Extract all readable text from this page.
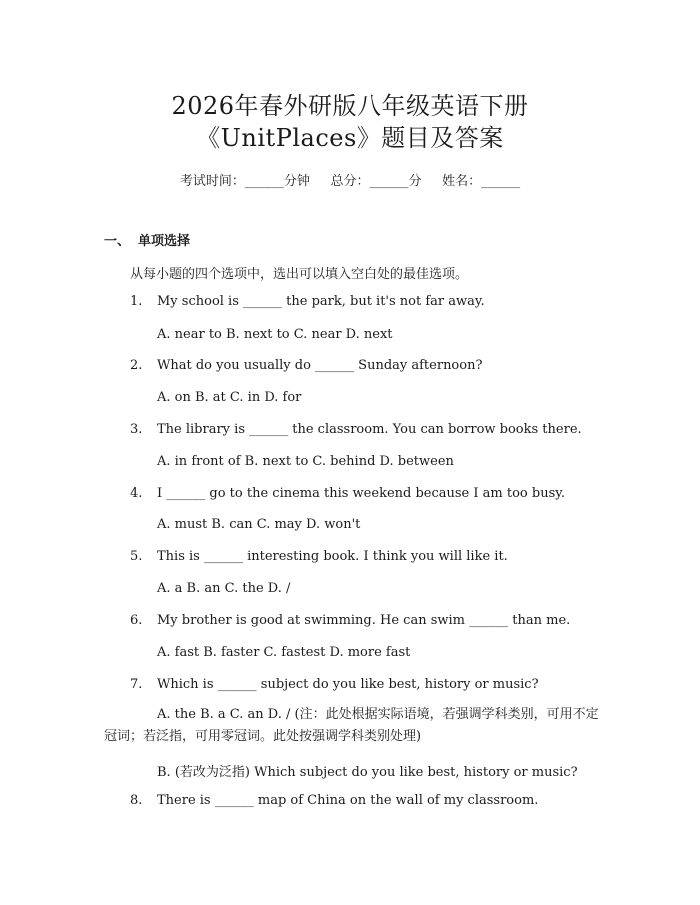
2026年春外研版八年级英语下册
《UnitPlaces》题目及答案
考试时间：______分钟     总分：______分     姓名：______
一、 单项选择
从每小题的四个选项中，选出可以填入空白处的最佳选项。
1. My school is ______ the park, but it's not far away.
A. near to B. next to C. near D. next
2. What do you usually do ______ Sunday afternoon?
A. on B. at C. in D. for
3. The library is ______ the classroom. You can borrow books there.
A. in front of B. next to C. behind D. between
4. I ______ go to the cinema this weekend because I am too busy.
A. must B. can C. may D. won't
5. This is ______ interesting book. I think you will like it.
A. a B. an C. the D. /
6. My brother is good at swimming. He can swim ______ than me.
A. fast B. faster C. fastest D. more fast
7. Which is ______ subject do you like best, history or music?
A. the B. a C. an D. / (注：此处根据实际语境，若强调学科类别，可用不定冠词；若泛指，可用零冠词。此处按强调学科类别处理)
B. (若改为泛指) Which subject do you like best, history or music?
8. There is ______ map of China on the wall of my classroom.
